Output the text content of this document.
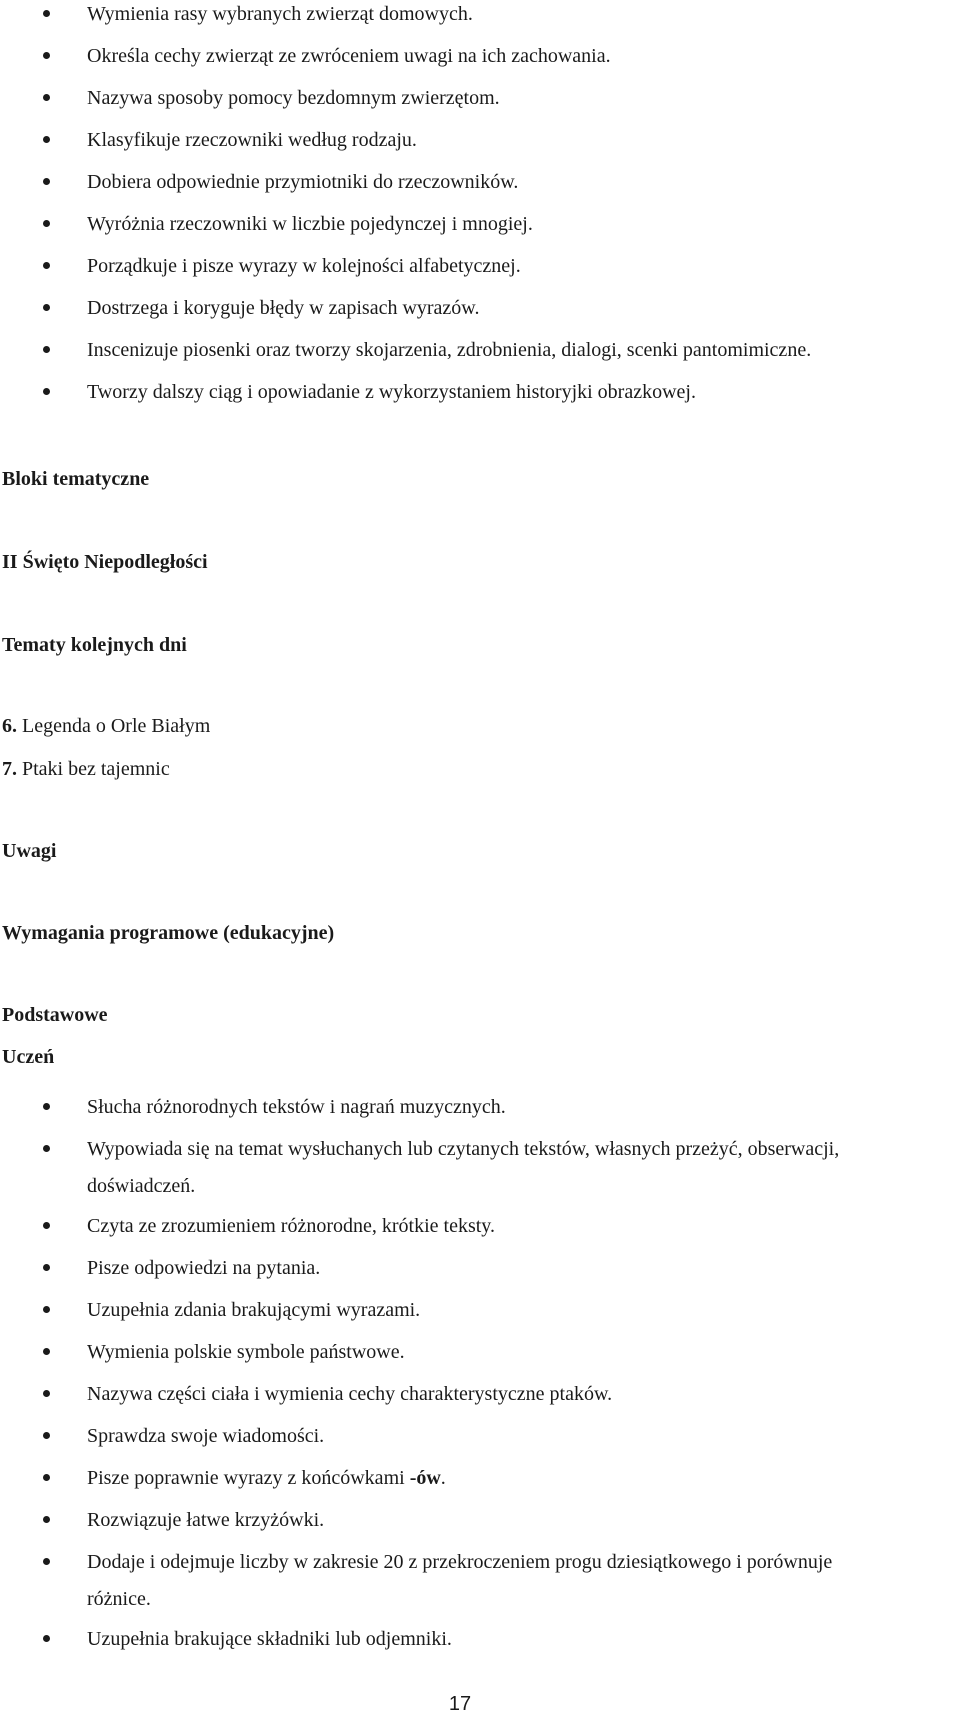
Wymienia rasy wybranych zwierząt domowych.
Określa cechy zwierząt ze zwróceniem uwagi na ich zachowania.
Nazywa sposoby pomocy bezdomnym zwierzętom.
Klasyfikuje rzeczowniki według rodzaju.
Dobiera odpowiednie przymiotniki do rzeczowników.
Wyróżnia rzeczowniki w liczbie pojedynczej i mnogiej.
Porządkuje i pisze wyrazy w kolejności alfabetycznej.
Dostrzega i koryguje błędy w zapisach wyrazów.
Inscenizuje piosenki oraz tworzy skojarzenia, zdrobnienia, dialogi, scenki pantomimiczne.
Tworzy dalszy ciąg i opowiadanie z wykorzystaniem historyjki obrazkowej.
Bloki tematyczne
II Święto Niepodległości
Tematy kolejnych dni
6. Legenda o Orle Białym
7. Ptaki bez tajemnic
Uwagi
Wymagania programowe (edukacyjne)
Podstawowe
Uczeń
Słucha różnorodnych tekstów i nagrań muzycznych.
Wypowiada się na temat wysłuchanych lub czytanych tekstów, własnych przeżyć, obserwacji,
doświadczeń.
Czyta ze zrozumieniem różnorodne, krótkie teksty.
Pisze odpowiedzi na pytania.
Uzupełnia zdania brakującymi wyrazami.
Wymienia polskie symbole państwowe.
Nazywa części ciała i wymienia cechy charakterystyczne ptaków.
Sprawdza swoje wiadomości.
Pisze poprawnie wyrazy z końcówkami -ów.
Rozwiązuje łatwe krzyżówki.
Dodaje i odejmuje liczby w zakresie 20 z przekroczeniem progu dziesiątkowego i porównuje
różnice.
Uzupełnia brakujące składniki lub odjemniki.
17
